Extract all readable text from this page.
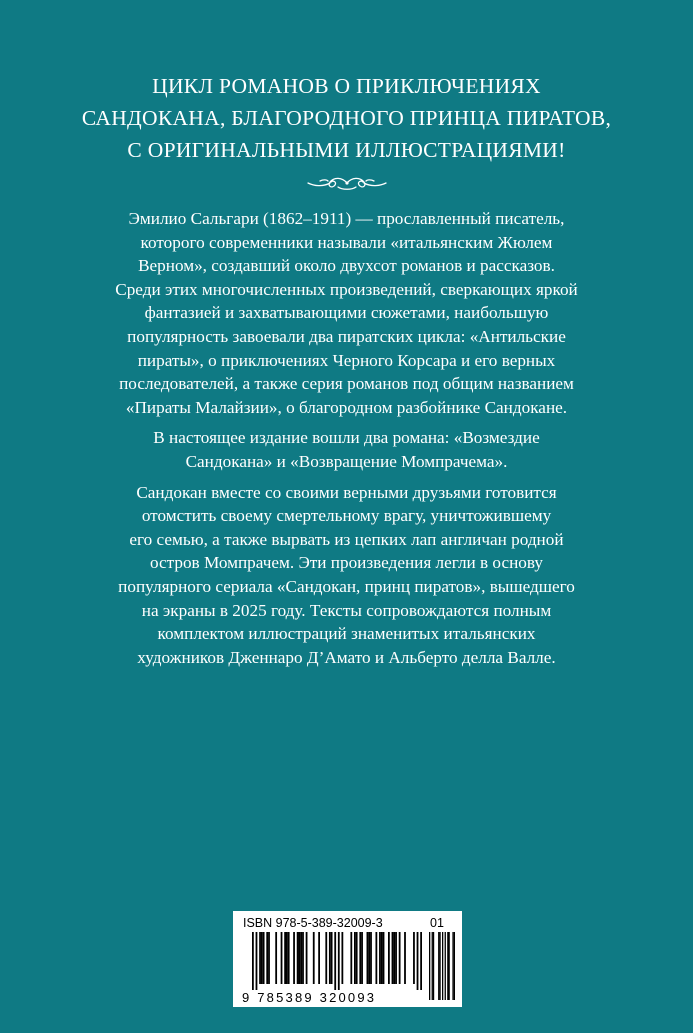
ЦИКЛ РОМАНОВ О ПРИКЛЮЧЕНИЯХ
САНДОКАНА, БЛАГОРОДНОГО ПРИНЦА ПИРАТОВ,
С ОРИГИНАЛЬНЫМИ ИЛЛЮСТРАЦИЯМИ!
Эмилио Сальгари (1862–1911) — прославленный писатель,
которого современники называли «итальянским Жюлем
Верном», создавший около двухсот романов и рассказов.
Среди этих многочисленных произведений, сверкающих яркой
фантазией и захватывающими сюжетами, наибольшую
популярность завоевали два пиратских цикла: «Антильские
пираты», о приключениях Черного Корсара и его верных
последователей, а также серия романов под общим названием
«Пираты Малайзии», о благородном разбойнике Сандокане.
В настоящее издание вошли два романа: «Возмездие
Сандокана» и «Возвращение Момпрачема».
Сандокан вместе со своими верными друзьями готовится
отомстить своему смертельному врагу, уничтожившему
его семью, а также вырвать из цепких лап англичан родной
остров Момпрачем. Эти произведения легли в основу
популярного сериала «Сандокан, принц пиратов», вышедшего
на экраны в 2025 году. Тексты сопровождаются полным
комплектом иллюстраций знаменитых итальянских
художников Дженнаро Д’Амато и Альберто делла Валле.
ISBN 978-5-389-32009-3	01
9 785389 320093
